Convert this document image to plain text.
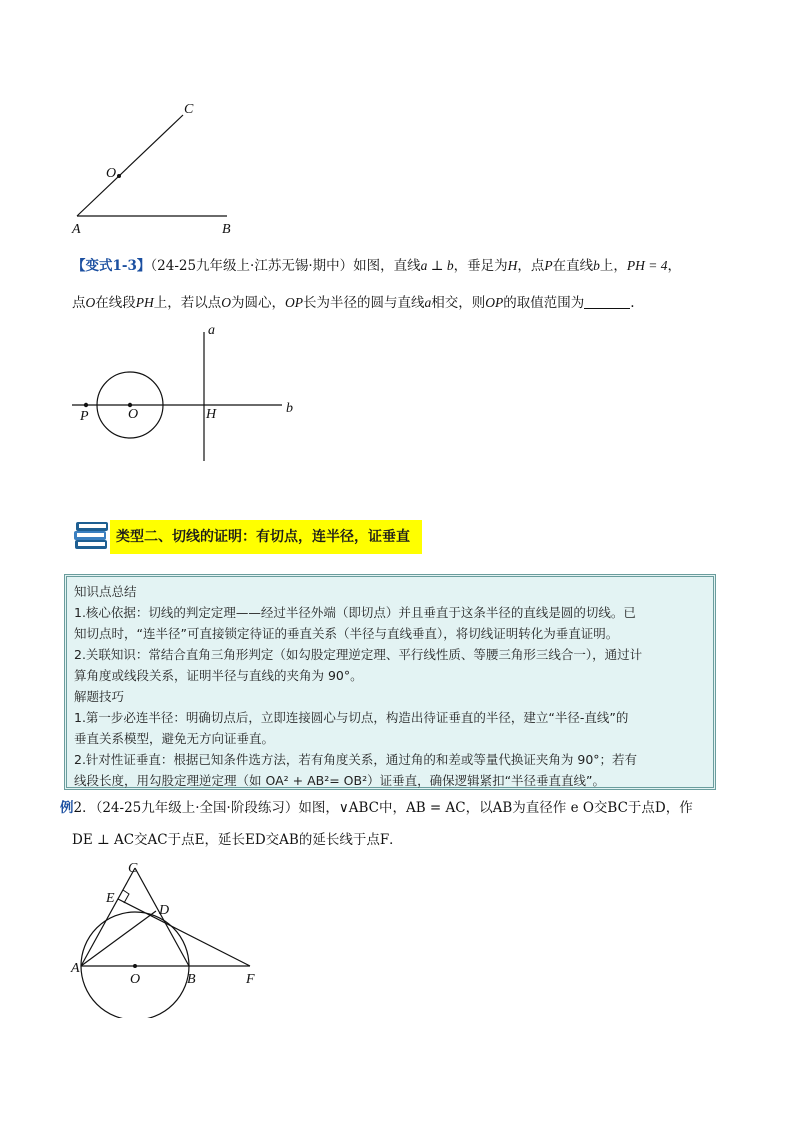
A	B
C
O
【变式1-3】（24-25九年级上·江苏无锡·期中）如图，直线a ⊥ b，垂足为H，点P在直线b上，PH = 4，
点O在线段PH上，若以点O为圆心，OP长为半径的圆与直线a相交，则OP的取值范围为	.
a
b
P	O	H
类型二、切线的证明：有切点，连半径，证垂直
知识点总结
1.核心依据：切线的判定定理——经过半径外端（即切点）并且垂直于这条半径的直线是圆的切线。已
知切点时，“连半径”可直接锁定待证的垂直关系（半径与直线垂直），将切线证明转化为垂直证明。
2.关联知识：常结合直角三角形判定（如勾股定理逆定理、平行线性质、等腰三角形三线合一），通过计
算角度或线段关系，证明半径与直线的夹角为 90°。
解题技巧
1.第一步必连半径：明确切点后，立即连接圆心与切点，构造出待证垂直的半径，建立“半径-直线”的
垂直关系模型，避免无方向证垂直。
2.针对性证垂直：根据已知条件选方法，若有角度关系，通过角的和差或等量代换证夹角为 90°；若有
线段长度，用勾股定理逆定理（如 OA² + AB²= OB²）证垂直，确保逻辑紧扣“半径垂直直线”。
例2．（24-25九年级上·全国·阶段练习）如图，∨ABC中，AB = AC，以AB为直径作 e O交BC于点D，作
DE ⊥ AC交AC于点E，延长ED交AB的延长线于点F．
C
E
D
A
O	B	F
